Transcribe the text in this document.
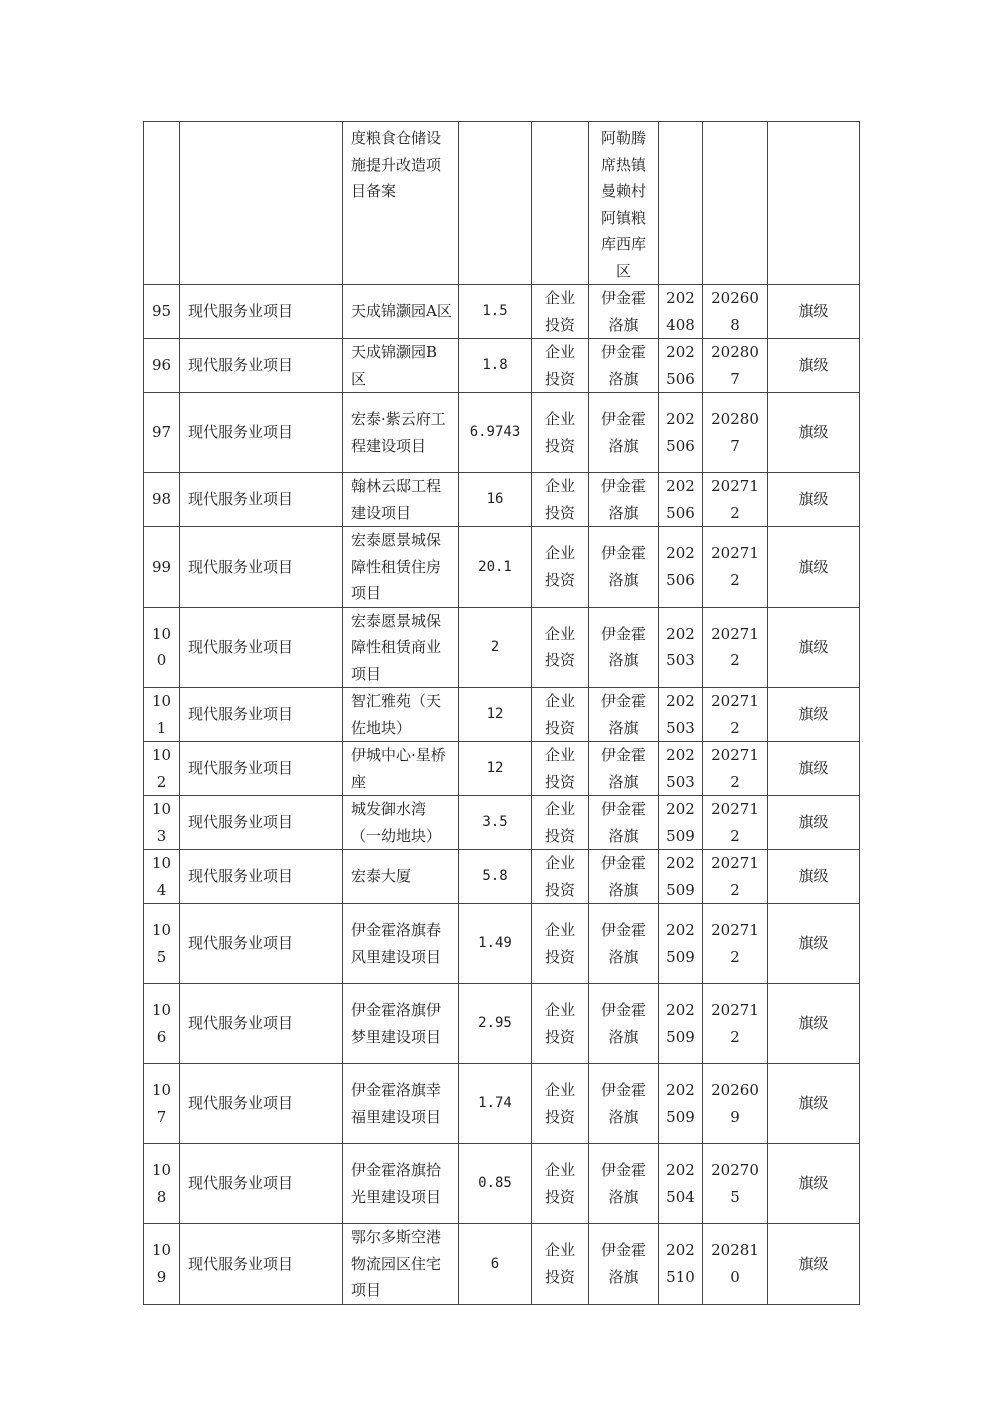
		度粮食仓储设施提升改造项目备案			阿勒腾席热镇曼赖村阿镇粮库西库区			
95	现代服务业项目	天成锦灏园A区	1.5	企业投资	伊金霍洛旗	202408	202608	旗级
96	现代服务业项目	天成锦灏园B区	1.8	企业投资	伊金霍洛旗	202506	202807	旗级
97	现代服务业项目	宏泰·紫云府工程建设项目	6.9743	企业投资	伊金霍洛旗	202506	202807	旗级
98	现代服务业项目	翰林云邸工程建设项目	16	企业投资	伊金霍洛旗	202506	202712	旗级
99	现代服务业项目	宏泰愿景城保障性租赁住房项目	20.1	企业投资	伊金霍洛旗	202506	202712	旗级
100	现代服务业项目	宏泰愿景城保障性租赁商业项目	2	企业投资	伊金霍洛旗	202503	202712	旗级
101	现代服务业项目	智汇雅苑（天佐地块）	12	企业投资	伊金霍洛旗	202503	202712	旗级
102	现代服务业项目	伊城中心·星桥座	12	企业投资	伊金霍洛旗	202503	202712	旗级
103	现代服务业项目	城发御水湾（一幼地块）	3.5	企业投资	伊金霍洛旗	202509	202712	旗级
104	现代服务业项目	宏泰大厦	5.8	企业投资	伊金霍洛旗	202509	202712	旗级
105	现代服务业项目	伊金霍洛旗春风里建设项目	1.49	企业投资	伊金霍洛旗	202509	202712	旗级
106	现代服务业项目	伊金霍洛旗伊梦里建设项目	2.95	企业投资	伊金霍洛旗	202509	202712	旗级
107	现代服务业项目	伊金霍洛旗幸福里建设项目	1.74	企业投资	伊金霍洛旗	202509	202609	旗级
108	现代服务业项目	伊金霍洛旗拾光里建设项目	0.85	企业投资	伊金霍洛旗	202504	202705	旗级
109	现代服务业项目	鄂尔多斯空港物流园区住宅项目	6	企业投资	伊金霍洛旗	202510	202810	旗级
